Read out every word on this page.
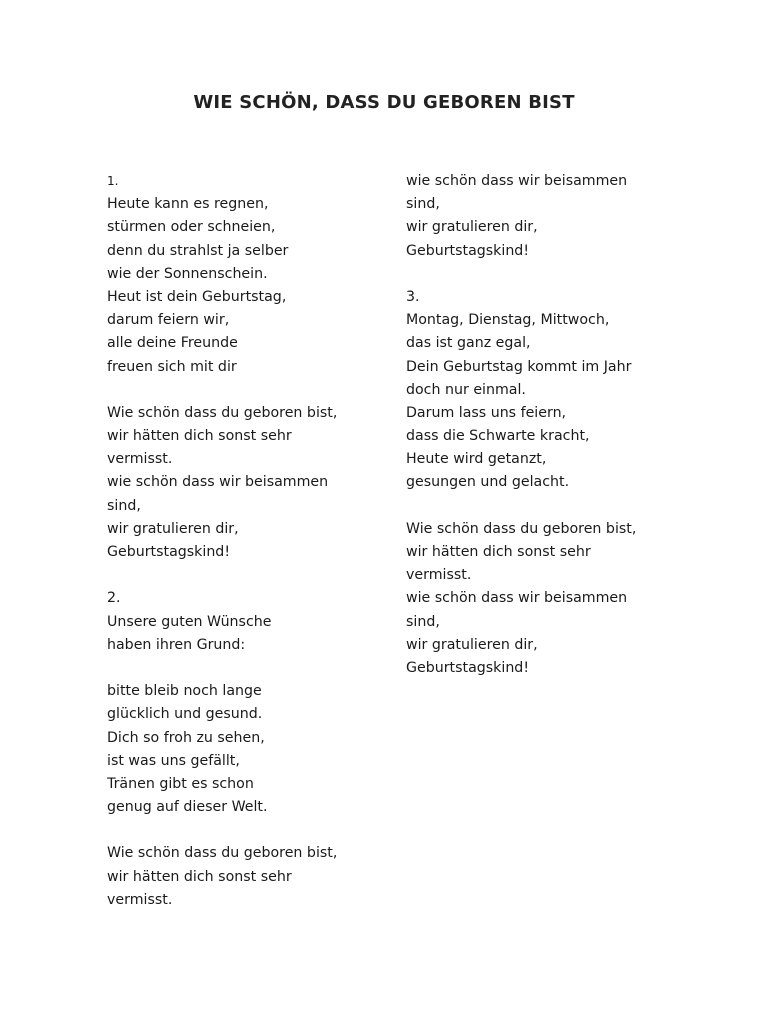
WIE SCHÖN, DASS DU GEBOREN BIST
1.
Heute kann es regnen,
stürmen oder schneien,
denn du strahlst ja selber
wie der Sonnenschein.
Heut ist dein Geburtstag,
darum feiern wir,
alle deine Freunde
freuen sich mit dir

Wie schön dass du geboren bist,
wir hätten dich sonst sehr
vermisst.
wie schön dass wir beisammen
sind,
wir gratulieren dir,
Geburtstagskind!

2.
Unsere guten Wünsche
haben ihren Grund:

bitte bleib noch lange
glücklich und gesund.
Dich so froh zu sehen,
ist was uns gefällt,
Tränen gibt es schon
genug auf dieser Welt.

Wie schön dass du geboren bist,
wir hätten dich sonst sehr
vermisst.
wie schön dass wir beisammen
sind,
wir gratulieren dir,
Geburtstagskind!

3.
Montag, Dienstag, Mittwoch,
das ist ganz egal,
Dein Geburtstag kommt im Jahr
doch nur einmal.
Darum lass uns feiern,
dass die Schwarte kracht,
Heute wird getanzt,
gesungen und gelacht.

Wie schön dass du geboren bist,
wir hätten dich sonst sehr
vermisst.
wie schön dass wir beisammen
sind,
wir gratulieren dir,
Geburtstagskind!
